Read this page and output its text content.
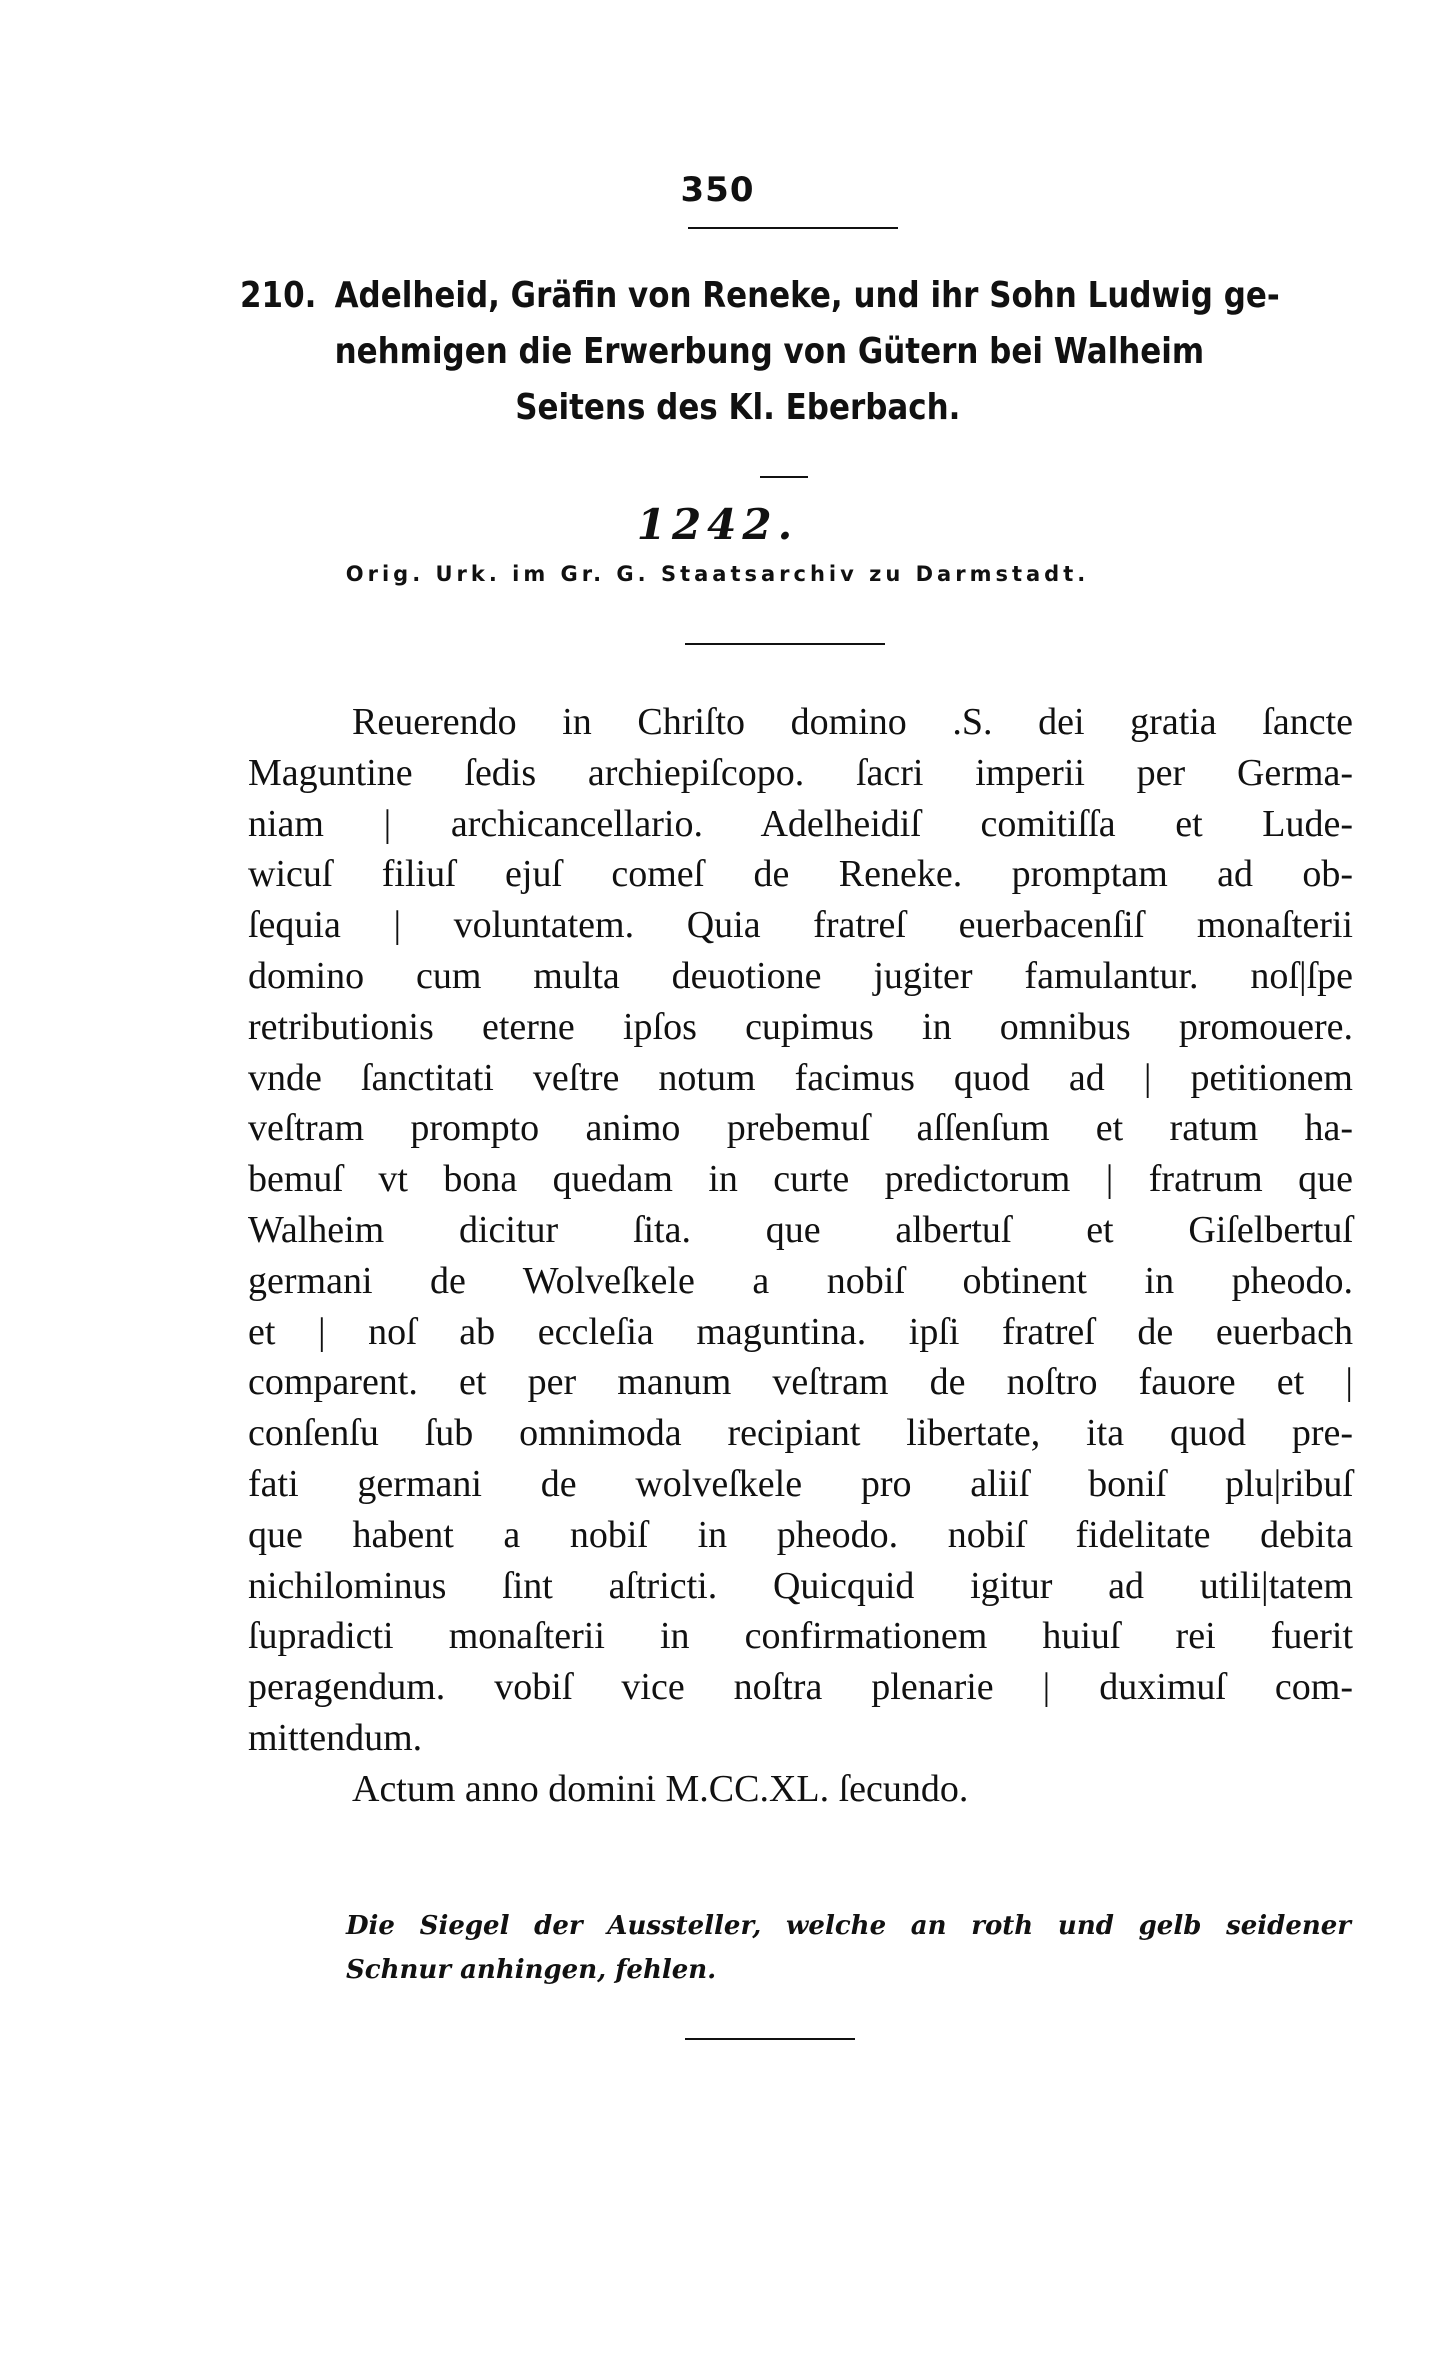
350
210. Adelheid, Gräfin von Reneke, und ihr Sohn Ludwig ge-
nehmigen die Erwerbung von Gütern bei Walheim
Seitens des Kl. Eberbach.
1242.
Orig. Urk. im Gr. G. Staatsarchiv zu Darmstadt.
Reuerendo in Chriſto domino .S. dei gratia ſancte
Maguntine ſedis archiepiſcopo. ſacri imperii per Germa-
niam | archicancellario. Adelheidiſ comitiſſa et Lude-
wicuſ filiuſ ejuſ comeſ de Reneke. promptam ad ob-
ſequia | voluntatem. Quia fratreſ euerbacenſiſ monaſterii
domino cum multa deuotione jugiter famulantur. noſ|ſpe
retributionis eterne ipſos cupimus in omnibus promouere.
vnde ſanctitati veſtre notum facimus quod ad | petitionem
veſtram prompto animo prebemuſ aſſenſum et ratum ha-
bemuſ vt bona quedam in curte predictorum | fratrum que
Walheim dicitur ſita. que albertuſ et Giſelbertuſ
germani de Wolveſkele a nobiſ obtinent in pheodo.
et | noſ ab eccleſia maguntina. ipſi fratreſ de euerbach
comparent. et per manum veſtram de noſtro fauore et |
conſenſu ſub omnimoda recipiant libertate, ita quod pre-
fati germani de wolveſkele pro aliiſ boniſ plu|ribuſ
que habent a nobiſ in pheodo. nobiſ fidelitate debita
nichilominus ſint aſtricti. Quicquid igitur ad utili|tatem
ſupradicti monaſterii in confirmationem huiuſ rei fuerit
peragendum. vobiſ vice noſtra plenarie | duximuſ com-
mittendum.
Actum anno domini M.CC.XL. ſecundo.
Die Siegel der Aussteller, welche an roth und gelb seidener
Schnur anhingen, fehlen.
